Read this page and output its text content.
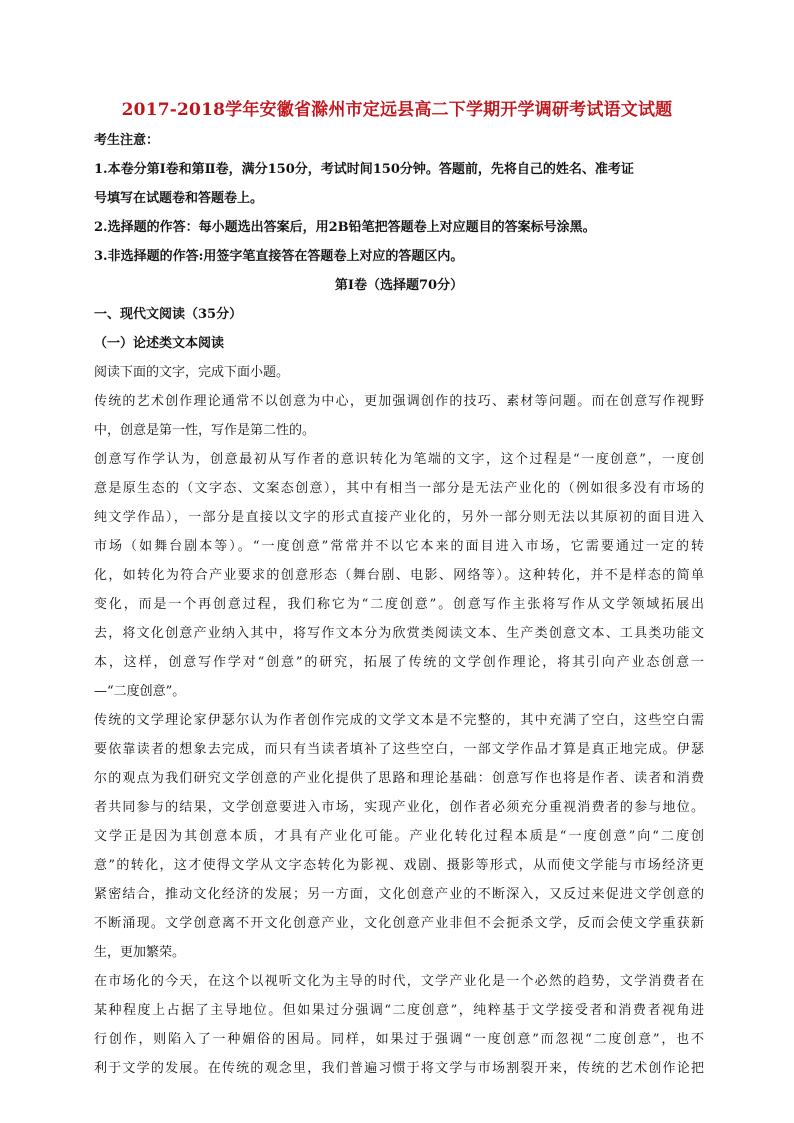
2017-2018学年安徽省滁州市定远县高二下学期开学调研考试语文试题
考生注意：
1.本卷分第Ⅰ卷和第Ⅱ卷，满分150分，考试时间150分钟。答题前，先将自己的姓名、准考证
号填写在试题卷和答题卷上。
2.选择题的作答：每小题选出答案后，用2B铅笔把答题卷上对应题目的答案标号涂黑。
3.非选择题的作答:用签字笔直接答在答题卷上对应的答题区内。
第Ⅰ卷（选择题70分）
一、现代文阅读（35分）
（一）论述类文本阅读
阅读下面的文字，完成下面小题。
传统的艺术创作理论通常不以创意为中心，更加强调创作的技巧、素材等问题。而在创意写作视野
中，创意是第一性，写作是第二性的。
创意写作学认为，创意最初从写作者的意识转化为笔端的文字，这个过程是“一度创意”，一度创
意是原生态的（文字态、文案态创意），其中有相当一部分是无法产业化的（例如很多没有市场的
纯文学作品），一部分是直接以文字的形式直接产业化的，另外一部分则无法以其原初的面目进入
市场（如舞台剧本等）。“一度创意”常常并不以它本来的面目进入市场，它需要通过一定的转
化，如转化为符合产业要求的创意形态（舞台剧、电影、网络等）。这种转化，并不是样态的简单
变化，而是一个再创意过程，我们称它为“二度创意”。创意写作主张将写作从文学领域拓展出
去，将文化创意产业纳入其中，将写作文本分为欣赏类阅读文本、生产类创意文本、工具类功能文
本，这样，创意写作学对“创意”的研究，拓展了传统的文学创作理论，将其引向产业态创意一
—“二度创意”。
传统的文学理论家伊瑟尔认为作者创作完成的文学文本是不完整的，其中充满了空白，这些空白需
要依靠读者的想象去完成，而只有当读者填补了这些空白，一部文学作品才算是真正地完成。伊瑟
尔的观点为我们研究文学创意的产业化提供了思路和理论基础：创意写作也将是作者、读者和消费
者共同参与的结果，文学创意要进入市场，实现产业化，创作者必须充分重视消费者的参与地位。
文学正是因为其创意本质，才具有产业化可能。产业化转化过程本质是“一度创意”向“二度创
意”的转化，这才使得文学从文字态转化为影视、戏剧、摄影等形式，从而使文学能与市场经济更
紧密结合，推动文化经济的发展；另一方面，文化创意产业的不断深入，又反过来促进文学创意的
不断涌现。文学创意离不开文化创意产业，文化创意产业非但不会扼杀文学，反而会使文学重获新
生，更加繁荣。
在市场化的今天，在这个以视听文化为主导的时代，文学产业化是一个必然的趋势，文学消费者在
某种程度上占据了主导地位。但如果过分强调“二度创意”，纯粹基于文学接受者和消费者视角进
行创作，则陷入了一种媚俗的困局。同样，如果过于强调“一度创意”而忽视“二度创意”，也不
利于文学的发展。在传统的观念里，我们普遍习惯于将文学与市场割裂开来，传统的艺术创作论把
